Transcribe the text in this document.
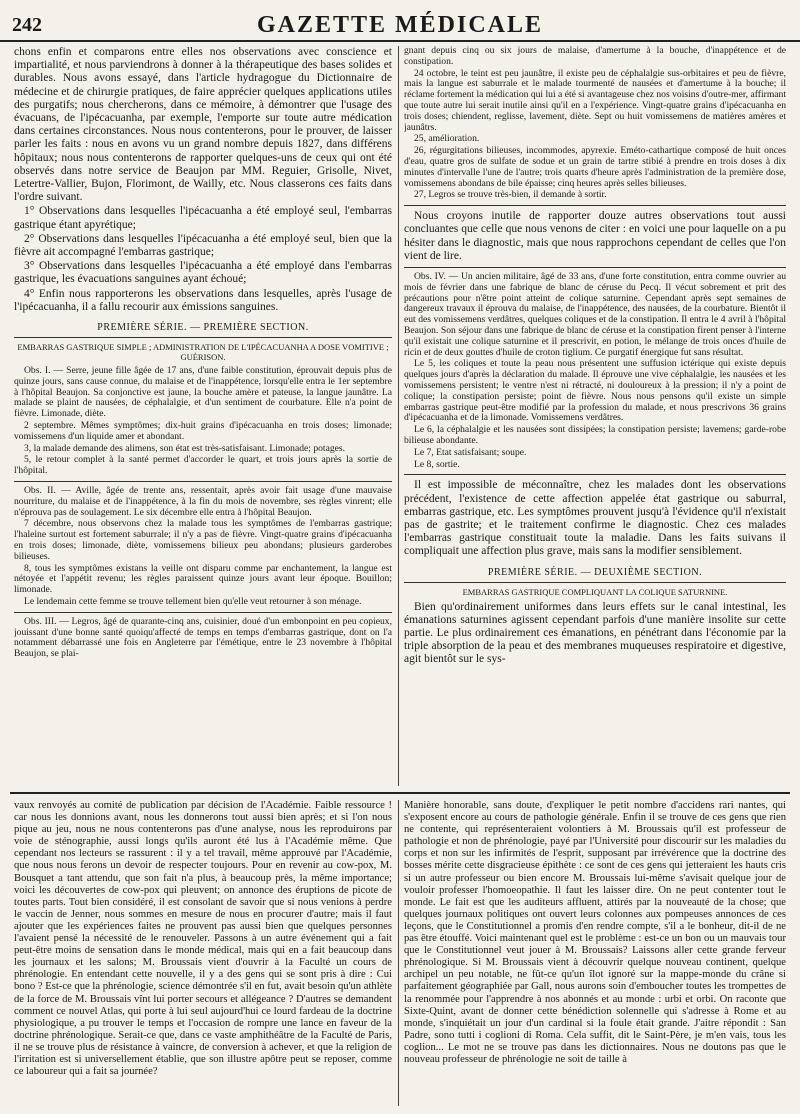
242	GAZETTE MÉDICALE

chons enfin et comparons entre elles nos observations avec conscience et impartialité, et nous parviendrons à donner à la thérapeutique des bases solides et durables. Nous avons essayé, dans l'article hydragogue du Dictionnaire de médecine et de chirurgie pratiques, de faire apprécier quelques applications utiles des purgatifs; nous chercherons, dans ce mémoire, à démontrer que l'usage des évacuans, de l'ipécacuanha, par exemple, l'emporte sur toute autre médication dans certaines circonstances. Nous nous contenterons, pour le prouver, de laisser parler les faits : nous en avons vu un grand nombre depuis 1827, dans différens hôpitaux; nous nous contenterons de rapporter quelques-uns de ceux qui ont été observés dans notre service de Beaujon par MM. Reguier, Grisolle, Nivet, Letertre-Vallier, Bujon, Florimont, de Wailly, etc. Nous classerons ces faits dans l'ordre suivant.

1° Observations dans lesquelles l'ipécacuanha a été employé seul, l'embarras gastrique étant apyrétique;

2° Observations dans lesquelles l'ipécacuanha a été employé seul, bien que la fièvre ait accompagné l'embarras gastrique;

3° Observations dans lesquelles l'ipécacuanha a été employé dans l'embarras gastrique, les évacuations sanguines ayant échoué;

4° Enfin nous rapporterons les observations dans lesquelles, après l'usage de l'ipécacuanha, il a fallu recourir aux émissions sanguines.

PREMIÈRE SÉRIE. — PREMIÈRE SECTION.
EMBARRAS GASTRIQUE SIMPLE ; ADMINISTRATION DE L'IPÉCACUANHA A DOSE VOMITIVE ; GUÉRISON.

Obs. I. — Serre, jeune fille âgée de 17 ans, d'une faible constitution, éprouvait depuis plus de quinze jours, sans cause connue, du malaise et de l'inappétence, lorsqu'elle entra le 1er septembre à l'hôpital Beaujon. Sa conjonctive est jaune, la bouche amère et pateuse, la langue jaunâtre. La malade se plaint de nausées, de céphalalgie, et d'un sentiment de courbature. Elle n'a point de fièvre. Limonade, diète.

2 septembre. Mêmes symptômes; dix-huit grains d'ipécacuanha en trois doses; limonade; vomissemens d'un liquide amer et abondant.

3, la malade demande des alimens, son état est très-satisfaisant. Limonade; potages.

5, le retour complet à la santé permet d'accorder le quart, et trois jours après la sortie de l'hôpital.

Obs. II. — Aville, âgée de trente ans, ressentait, après avoir fait usage d'une mauvaise nourriture, du malaise et de l'inappétence, à la fin du mois de novembre, ses règles vinrent; elle n'éprouva pas de soulagement. Le six décembre elle entra à l'hôpital Beaujon.

7 décembre, nous observons chez la malade tous les symptômes de l'embarras gastrique; l'haleine surtout est fortement saburrale; il n'y a pas de fièvre. Vingt-quatre grains d'ipécacuanha en trois doses; limonade, diète, vomissemens bilieux peu abondans; plusieurs garderobes bilieuses.

8, tous les symptômes existans la veille ont disparu comme par enchantement, la langue est nétoyée et l'appétit revenu; les règles paraissent quinze jours avant leur époque. Bouillon; limonade.

Le lendemain cette femme se trouve tellement bien qu'elle veut retourner à son ménage.

Obs. III. — Legros, âgé de quarante-cinq ans, cuisinier, doué d'un embonpoint en peu copieux, jouissant d'une bonne santé quoiqu'affecté de temps en temps d'embarras gastrique, dont on l'a notamment débarrassé une fois en Angleterre par l'émétique, entre le 23 novembre à l'hôpital Beaujon, se plai-

gnant depuis cinq ou six jours de malaise, d'amertume à la bouche, d'inappétence et de constipation.

24 octobre, le teint est peu jaunâtre, il existe peu de céphalalgie sus-orbitaires et peu de fièvre, mais la langue est saburrale et le malade tourmenté de nausées et d'amertume à la bouche; il réclame fortement la médication qui lui a été si avantageuse chez nos voisins d'outre-mer, affirmant que toute autre lui serait inutile ainsi qu'il en a l'expérience. Vingt-quatre grains d'ipécacuanha en trois doses; chiendent, reglisse, lavement, diète. Sept ou huit vomissemens de matières amères et jaunâtrs.

25, amélioration.

26, régurgitations bilieuses, incommodes, apyrexie. Eméto-cathartique composé de huit onces d'eau, quatre gros de sulfate de sodue et un grain de tartre stibié à prendre en trois doses à dix minutes d'intervalle l'une de l'autre; trois quarts d'heure après l'administration de la première dose, vomissemens abondans de bile épaisse; cinq heures après selles bilieuses.

27, Legros se trouve très-bien, il demande à sortir.

Nous croyons inutile de rapporter douze autres observations tout aussi concluantes que celle que nous venons de citer : en voici une pour laquelle on a pu hésiter dans le diagnostic, mais que nous rapprochons cependant de celles que l'on vient de lire.

Obs. IV. — Un ancien militaire, âgé de 33 ans, d'une forte constitution, entra comme ouvrier au mois de février dans une fabrique de blanc de céruse du Pecq. Il vécut sobrement et prit des précautions pour n'être point atteint de colique saturnine. Cependant après sept semaines de dangereux travaux il éprouva du malaise, de l'inappétence, des nausées, de la courbature. Bientôt il eut des vomissemens verdâtres, quelques coliques et de la constipation. Il entra le 4 avril à l'hôpital Beaujon. Son séjour dans une fabrique de blanc de céruse et la constipation firent penser à l'interne qu'il existait une colique saturnine et il prescrivit, en potion, le mélange de trois onces d'huile de ricin et de deux gouttes d'huile de croton tiglium. Ce purgatif énergique fut sans résultat.

Le 5, les coliques et toute la peau nous présentent une suffusion ictérique qui existe depuis quelques jours d'après la déclaration du malade. Il éprouve une vive céphalalgie, les nausées et les vomissemens persistent; le ventre n'est ni rétracté, ni douloureux à la pression; il n'y a point de colique; la constipation persiste; point de fièvre. Nous nous pensons qu'il existe un simple embarras gastrique peut-être modifié par la profession du malade, et nous prescrivons 36 grains d'ipécacuanha et de la limonade. Vomissemens verdâtres.

Le 6, la céphalalgie et les nausées sont dissipées; la constipation persiste; lavemens; garde-robe bilieuse abondante.

Le 7, Etat satisfaisant; soupe.

Le 8, sortie.

Il est impossible de méconnaître, chez les malades dont les observations précédent, l'existence de cette affection appelée état gastrique ou saburral, embarras gastrique, etc. Les symptômes prouvent jusqu'à l'évidence qu'il n'existait pas de gastrite; et le traitement confirme le diagnostic. Chez ces malades l'embarras gastrique constituait toute la maladie. Dans les faits suivans il compliquait une affection plus grave, mais sans la modifier sensiblement.

PREMIÈRE SÉRIE. — DEUXIÈME SECTION.
EMBARRAS GASTRIQUE COMPLIQUANT LA COLIQUE SATURNINE.

Bien qu'ordinairement uniformes dans leurs effets sur le canal intestinal, les émanations saturnines agissent cependant parfois d'une manière insolite sur cette partie. Le plus ordinairement ces émanations, en pénétrant dans l'économie par la triple absorption de la peau et des membranes muqueuses respiratoire et digestive, agit bientôt sur le sys-

vaux renvoyés au comité de publication par décision de l'Académie. Faible ressource ! car nous les donnions avant, nous les donnerons tout aussi bien après; et si l'on nous pique au jeu, nous ne nous contenterons pas d'une analyse, nous les reproduirons par voie de sténographie, aussi longs qu'ils auront été lus à l'Académie même. Que cependant nos lecteurs se rassurent : il y a tel travail, même approuvé par l'Académie, que nous nous ferons un devoir de respecter toujours. Pour en revenir au cow-pox, M. Bousquet a tant attendu, que son fait n'a plus, à beaucoup près, la même importance; voici les découvertes de cow-pox qui pleuvent; on annonce des éruptions de picote de toutes parts. Tout bien considéré, il est consolant de savoir que si nous venions à perdre le vaccin de Jenner, nous sommes en mesure de nous en procurer d'autre; mais il faut ajouter que les expériences faites ne prouvent pas aussi bien que quelques personnes l'avaient pensé la nécessité de le renouveler. Passons à un autre événement qui a fait peut-être moins de sensation dans le monde médical, mais qui en a fait beaucoup dans les journaux et les salons; M. Broussais vient d'ouvrir à la Faculté un cours de phrénologie. En entendant cette nouvelle, il y a des gens qui se sont pris à dire : Cui bono ? Est-ce que la phrénologie, science démontrée s'il en fut, avait besoin qu'un athlète de la force de M. Broussais vînt lui porter secours et allégeance ? D'autres se demandent comment ce nouvel Atlas, qui porte à lui seul aujourd'hui ce lourd fardeau de la doctrine physiologique, a pu trouver le temps et l'occasion de rompre une lance en faveur de la doctrine phrénologique. Serait-ce que, dans ce vaste amphithéâtre de la Faculté de Paris, il ne se trouve plus de résistance à vaincre, de conversion à achever, et que la religion de l'irritation est si universellement établie, que son illustre apôtre peut se reposer, comme ce laboureur qui a fait sa journée?

Manière honorable, sans doute, d'expliquer le petit nombre d'accidens rari nantes, qui s'exposent encore au cours de pathologie générale. Enfin il se trouve de ces gens que rien ne contente, qui représenteraient volontiers à M. Broussais qu'il est professeur de pathologie et non de phrénologie, payé par l'Université pour discourir sur les maladies du corps et non sur les infirmités de l'esprit, supposant par irrévérence que la doctrine des bosses mérite cette disgracieuse épithète : ce sont de ces gens qui jetteraient les hauts cris si un autre professeur ou bien encore M. Broussais lui-même s'avisait quelque jour de vouloir professer l'homoeopathie. Il faut les laisser dire. On ne peut contenter tout le monde. Le fait est que les auditeurs affluent, attirés par la nouveauté de la chose; que quelques journaux politiques ont ouvert leurs colonnes aux pompeuses annonces de ces leçons, que le Constitutionnel a promis d'en rendre compte, s'il a le bonheur, dit-il de ne pas être étouffé. Voici maintenant quel est le problème : est-ce un bon ou un mauvais tour que le Constitutionnel veut jouer à M. Broussais? Laissons aller cette grande ferveur phrénologique. Si M. Broussais vient à découvrir quelque nouveau continent, quelque archipel un peu notable, ne fût-ce qu'un îlot ignoré sur la mappe-monde du crâne si parfaitement géographiée par Gall, nous aurons soin d'emboucher toutes les trompettes de la renommée pour l'apprendre à nos abonnés et au monde : urbi et orbi. On raconte que Sixte-Quint, avant de donner cette bénédiction solennelle qui s'adresse à Rome et au monde, s'inquiétait un jour d'un cardinal si la foule était grande. J'aitre répondit : San Padre, sono tutti i coglioni di Roma. Cela suffit, dit le Saint-Père, je m'en vais, tous les coglion... Le mot ne se trouve pas dans les dictionnaires. Nous ne doutons pas que le nouveau professeur de phrénologie ne soit de taille à
